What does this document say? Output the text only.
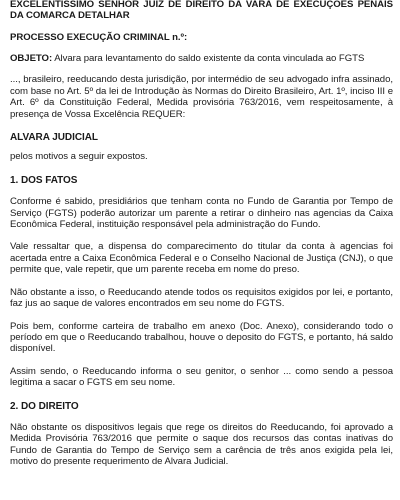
EXCELENTÍSSIMO SENHOR JUIZ DE DIREITO DA VARA DE EXECUÇÕES PENAIS DA COMARCA DETALHAR

PROCESSO EXECUÇÃO CRIMINAL n.º:

OBJETO: Alvara para levantamento do saldo existente da conta vinculada ao FGTS

..., brasileiro, reeducando desta jurisdição, por intermédio de seu advogado infra assinado, com base no Art. 5º da lei de Introdução às Normas do Direito Brasileiro, Art. 1º, inciso III e Art. 6º da Constituição Federal, Medida provisória 763/2016, vem respeitosamente, à presença de Vossa Excelência REQUER:

ALVARA JUDICIAL

pelos motivos a seguir expostos.

1. DOS FATOS

Conforme é sabido, presidiários que tenham conta no Fundo de Garantia por Tempo de Serviço (FGTS) poderão autorizar um parente a retirar o dinheiro nas agencias da Caixa Econômica Federal, instituição responsável pela administração do Fundo.

Vale ressaltar que, a dispensa do comparecimento do titular da conta à agencias foi acertada entre a Caixa Econômica Federal e o Conselho Nacional de Justiça (CNJ), o que permite que, vale repetir, que um parente receba em nome do preso.

Não obstante a isso, o Reeducando atende todos os requisitos exigidos por lei, e portanto, faz jus ao saque de valores encontrados em seu nome do FGTS.

Pois bem, conforme carteira de trabalho em anexo (Doc. Anexo), considerando todo o período em que o Reeducando trabalhou, houve o deposito do FGTS, e portanto, há saldo disponível.

Assim sendo, o Reeducando informa o seu genitor, o senhor ... como sendo a pessoa legitima a sacar o FGTS em seu nome.

2. DO DIREITO

Não obstante os dispositivos legais que rege os direitos do Reeducando, foi aprovado a Medida Provisória 763/2016 que permite o saque dos recursos das contas inativas do Fundo de Garantia do Tempo de Serviço sem a carência de três anos exigida pela lei, motivo do presente requerimento de Alvara Judicial.
